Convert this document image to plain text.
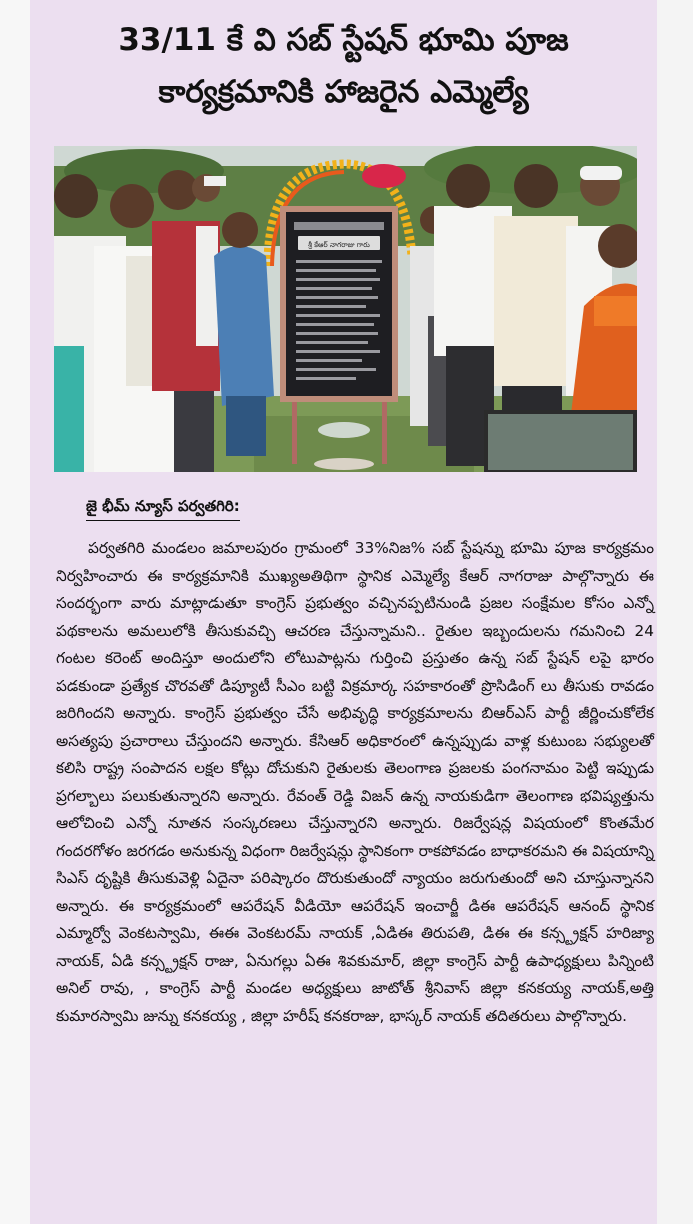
33/11 కే వి సబ్ స్టేషన్ భూమి పూజ
కార్యక్రమానికి హాజరైన ఎమ్మెల్యే
శ్రీ కేఆర్ నాగరాజు గారు
జై భీమ్ న్యూస్ పర్వతగిరి:

పర్వతగిరి మండలం జమాలపురం గ్రామంలో 33%నిజ% సబ్ స్టేషన్ను భూమి పూజ కార్యక్రమం నిర్వహించారు ఈ కార్యక్రమానికి ముఖ్యఅతిథిగా స్థానిక ఎమ్మెల్యే కేఆర్ నాగరాజు పాల్గొన్నారు ఈ సందర్భంగా వారు మాట్లాడుతూ కాంగ్రెస్ ప్రభుత్వం వచ్చినప్పటినుండి ప్రజల సంక్షేమల కోసం ఎన్నో పథకాలను అమలులోకి తీసుకువచ్చి ఆచరణ చేస్తున్నామని.. రైతుల ఇబ్బందులను గమనించి 24 గంటల కరెంట్ అందిస్తూ అందులోని లోటుపాట్లను గుర్తించి ప్రస్తుతం ఉన్న సబ్ స్టేషన్ లపై భారం పడకుండా ప్రత్యేక చొరవతో డిప్యూటీ సీఎం బట్టి విక్రమార్క సహకారంతో ప్రొసిడింగ్ లు తీసుకు రావడం జరిగిందని అన్నారు. కాంగ్రెస్ ప్రభుత్వం చేసే అభివృద్ధి కార్యక్రమాలను బిఆర్ఎస్ పార్టీ జీర్ణించుకోలేక అసత్యపు ప్రచారాలు చేస్తుందని అన్నారు. కేసిఆర్ అధికారంలో ఉన్నప్పుడు వాళ్ల కుటుంబ సభ్యులతో కలిసి రాష్ట్ర సంపాదన లక్షల కోట్లు దోచుకుని రైతులకు తెలంగాణ ప్రజలకు పంగనామం పెట్టి ఇప్పుడు ప్రగల్బాలు పలుకుతున్నారని అన్నారు. రేవంత్ రెడ్డి విజన్ ఉన్న నాయకుడిగా తెలంగాణ భవిష్యత్తును ఆలోచించి ఎన్నో నూతన సంస్కరణలు చేస్తున్నారని అన్నారు. రిజర్వేషన్ల విషయంలో కొంతమేర గందరగోళం జరగడం అనుకున్న విధంగా రిజర్వేషన్లు స్థానికంగా రాకపోవడం బాధాకరమని ఈ విషయాన్ని సిఎస్ దృష్టికి తీసుకువెళ్లి ఏదైనా పరిష్కారం దొరుకుతుందో న్యాయం జరుగుతుందో అని చూస్తున్నానని అన్నారు. ఈ కార్యక్రమంలో ఆపరేషన్ వీడియో ఆపరేషన్ ఇంచార్జీ డిఈ ఆపరేషన్ ఆనంద్ స్థానిక ఎమ్మార్వో వెంకటస్వామి, ఈఈ వెంకటరమ్ నాయక్ ,ఏడిఈ తిరుపతి, డిఈ ఈ కన్స్ట్రక్షన్ హరిజ్యా నాయక్, ఏడి కన్స్ట్రక్షన్ రాజు, ఏనుగల్లు ఏఈ శివకుమార్, జిల్లా కాంగ్రెస్ పార్టీ ఉపాధ్యక్షులు పిన్నింటి అనిల్ రావు, , కాంగ్రెస్ పార్టీ మండల అధ్యక్షులు జాటోత్ శ్రీనివాస్ జిల్లా కనకయ్య నాయక్,అత్తి కుమారస్వామి జున్ను కనకయ్య , జిల్లా హరీష్ కనకరాజు, భాస్కర్ నాయక్ తదితరులు పాల్గొన్నారు.
